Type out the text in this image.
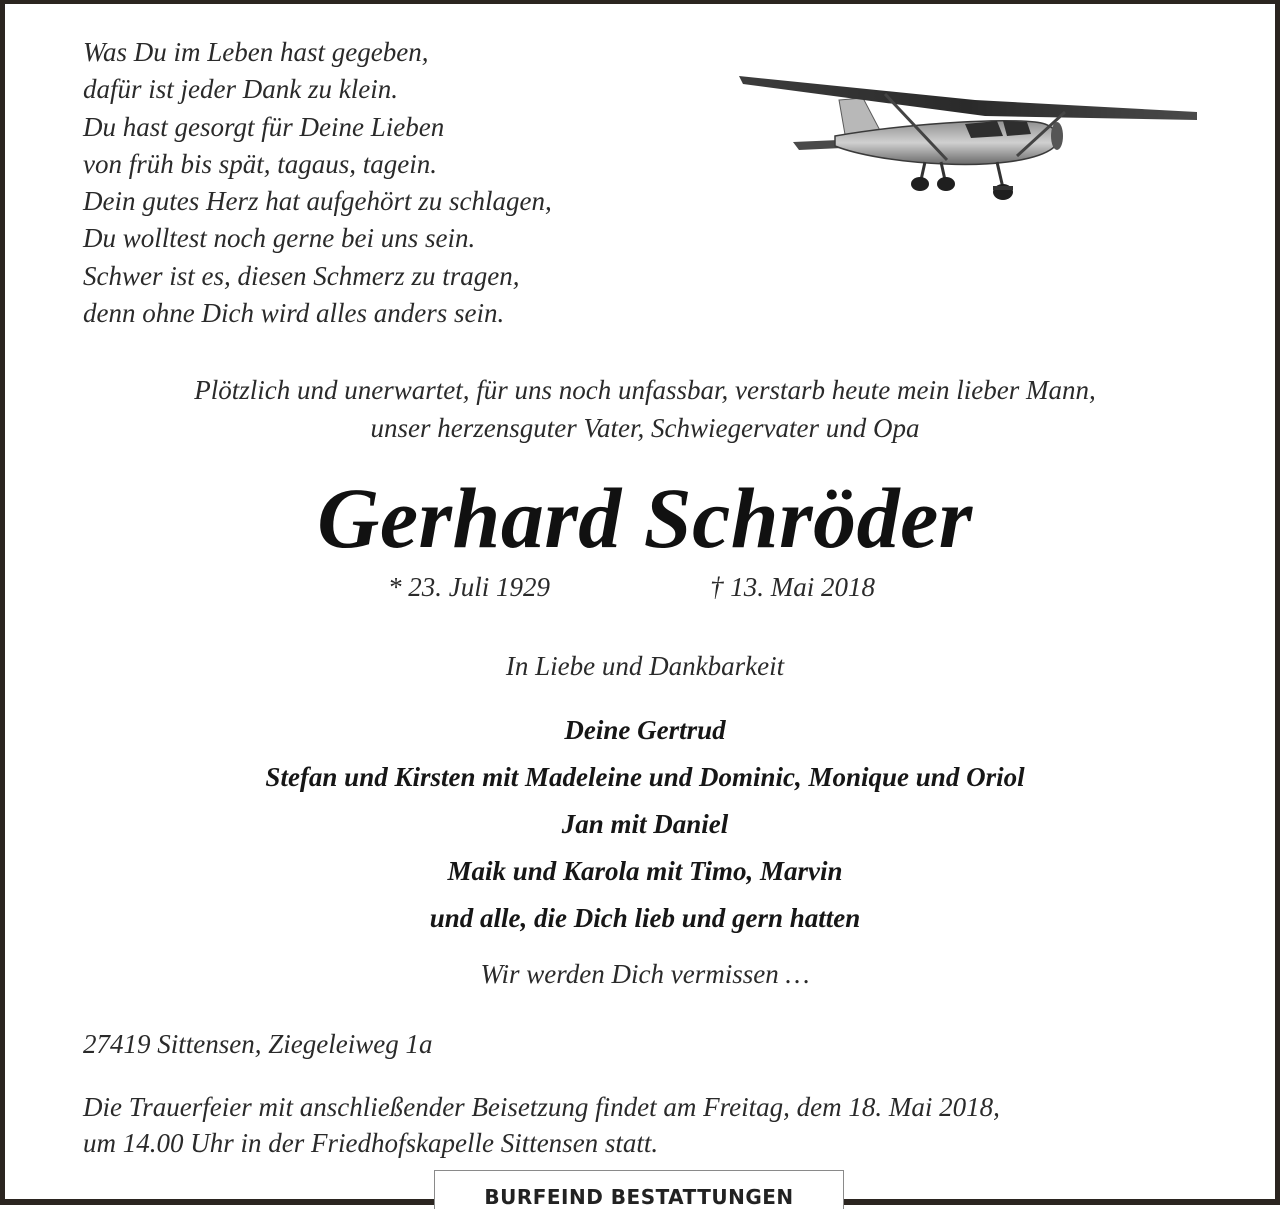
Was Du im Leben hast gegeben,
dafür ist jeder Dank zu klein.
Du hast gesorgt für Deine Lieben
von früh bis spät, tagaus, tagein.
Dein gutes Herz hat aufgehört zu schlagen,
Du wolltest noch gerne bei uns sein.
Schwer ist es, diesen Schmerz zu tragen,
denn ohne Dich wird alles anders sein.
Plötzlich und unerwartet, für uns noch unfassbar, verstarb heute mein lieber Mann,
unser herzensguter Vater, Schwiegervater und Opa
Gerhard Schröder
* 23. Juli 1929	† 13. Mai 2018
In Liebe und Dankbarkeit
Deine Gertrud
Stefan und Kirsten mit Madeleine und Dominic, Monique und Oriol
Jan mit Daniel
Maik und Karola mit Timo, Marvin
und alle, die Dich lieb und gern hatten
Wir werden Dich vermissen …
27419 Sittensen, Ziegeleiweg 1a
Die Trauerfeier mit anschließender Beisetzung findet am Freitag, dem 18. Mai 2018,
um 14.00 Uhr in der Friedhofskapelle Sittensen statt.
BURFEIND BESTATTUNGEN
